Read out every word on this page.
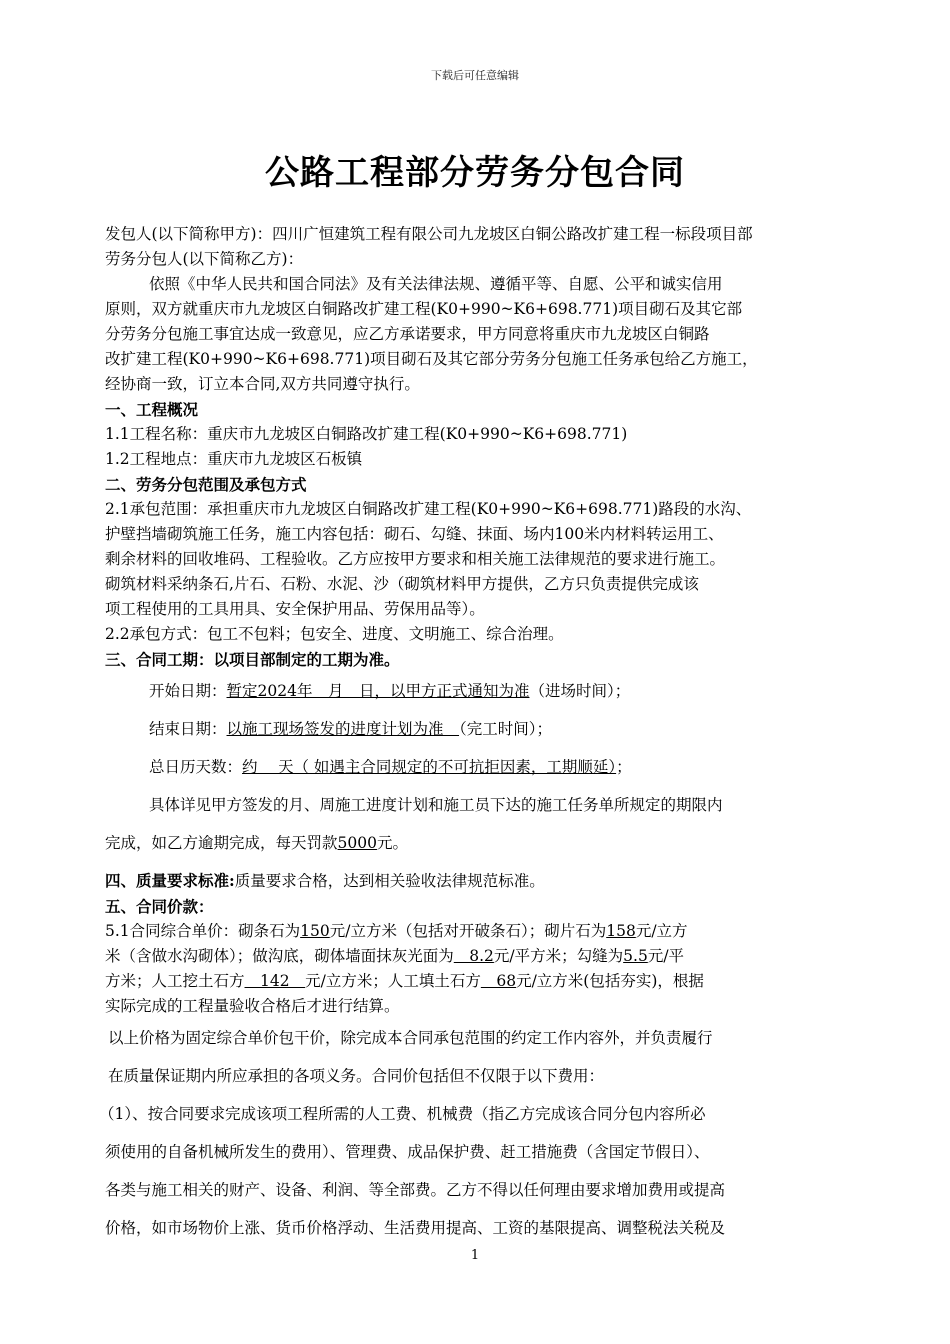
下载后可任意编辑
公路工程部分劳务分包合同
发包人(以下简称甲方)：四川广恒建筑工程有限公司九龙坡区白铜公路改扩建工程一标段项目部
劳务分包人(以下简称乙方)：
依照《中华人民共和国合同法》及有关法律法规、遵循平等、自愿、公平和诚实信用
原则，双方就重庆市九龙坡区白铜路改扩建工程(K0+990~K6+698.771)项目砌石及其它部
分劳务分包施工事宜达成一致意见，应乙方承诺要求，甲方同意将重庆市九龙坡区白铜路
改扩建工程(K0+990~K6+698.771)项目砌石及其它部分劳务分包施工任务承包给乙方施工，
经协商一致，订立本合同,双方共同遵守执行。
一、工程概况
1.1工程名称：重庆市九龙坡区白铜路改扩建工程(K0+990~K6+698.771)
1.2工程地点：重庆市九龙坡区石板镇
二、劳务分包范围及承包方式
2.1承包范围：承担重庆市九龙坡区白铜路改扩建工程(K0+990~K6+698.771)路段的水沟、
护壁挡墙砌筑施工任务，施工内容包括：砌石、勾缝、抹面、场内100米内材料转运用工、
剩余材料的回收堆码、工程验收。乙方应按甲方要求和相关施工法律规范的要求进行施工。
砌筑材料采纳条石,片石、石粉、水泥、沙（砌筑材料甲方提供，乙方只负责提供完成该
项工程使用的工具用具、安全保护用品、劳保用品等）。
2.2承包方式：包工不包料；包安全、进度、文明施工、综合治理。
三、合同工期：以项目部制定的工期为准。
开始日期：暂定2024年　月　日，以甲方正式通知为准（进场时间）；
结束日期：以施工现场签发的进度计划为准　（完工时间）；
总日历天数：约　 天（ 如遇主合同规定的不可抗拒因素，工期顺延）；
具体详见甲方签发的月、周施工进度计划和施工员下达的施工任务单所规定的期限内
完成，如乙方逾期完成，每天罚款5000元。
四、质量要求标准:质量要求合格，达到相关验收法律规范标准。
五、合同价款：
5.1合同综合单价：砌条石为150元/立方米（包括对开破条石）；砌片石为158元/立方
米（含做水沟砌体）；做沟底，砌体墙面抹灰光面为　8.2元/平方米；勾缝为5.5元/平
方米；人工挖土石方　142　元/立方米；人工填土石方　68元/立方米(包括夯实)，根据
实际完成的工程量验收合格后才进行结算。
以上价格为固定综合单价包干价，除完成本合同承包范围的约定工作内容外，并负责履行
在质量保证期内所应承担的各项义务。合同价包括但不仅限于以下费用：
（1）、按合同要求完成该项工程所需的人工费、机械费（指乙方完成该合同分包内容所必
须使用的自备机械所发生的费用）、管理费、成品保护费、赶工措施费（含国定节假日）、
各类与施工相关的财产、设备、利润、等全部费。乙方不得以任何理由要求增加费用或提高
价格，如市场物价上涨、货币价格浮动、生活费用提高、工资的基限提高、调整税法关税及
1
